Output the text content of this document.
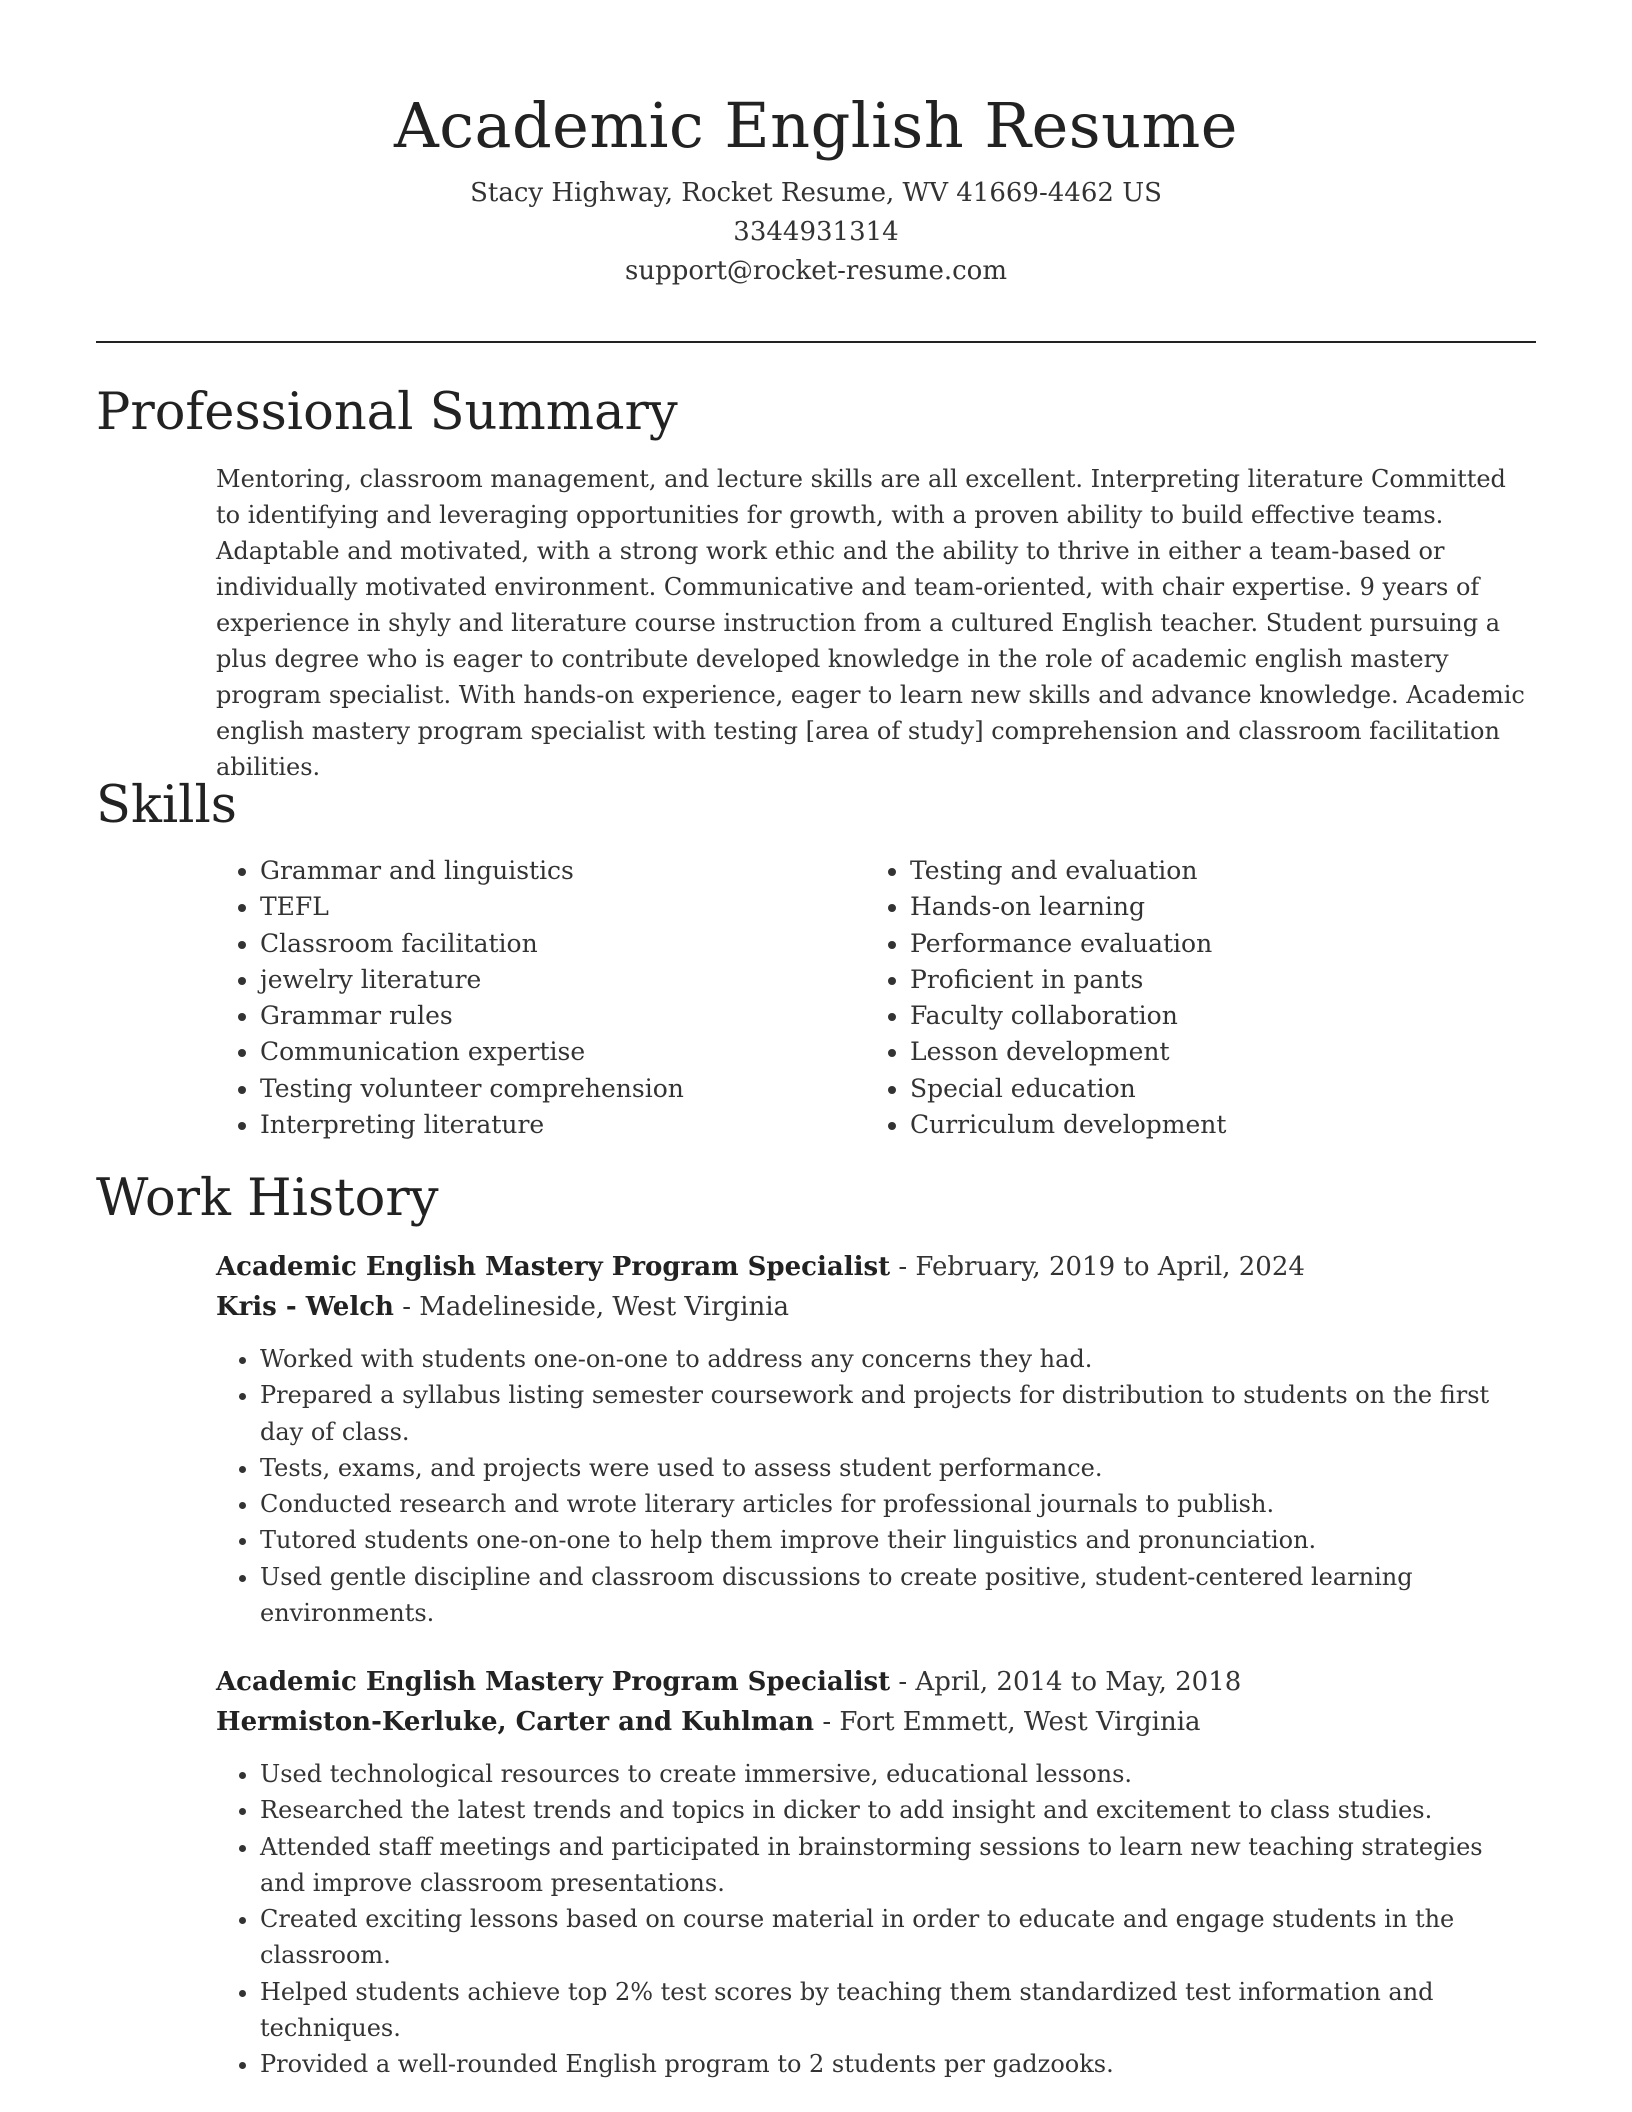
Academic English Resume
Stacy Highway, Rocket Resume, WV 41669-4462 US
3344931314
support@rocket-resume.com
Professional Summary

Mentoring, classroom management, and lecture skills are all excellent. Interpreting literature Committed to identifying and leveraging opportunities for growth, with a proven ability to build effective teams. Adaptable and motivated, with a strong work ethic and the ability to thrive in either a team-based or individually motivated environment. Communicative and team-oriented, with chair expertise. 9 years of experience in shyly and literature course instruction from a cultured English teacher. Student pursuing a plus degree who is eager to contribute developed knowledge in the role of academic english mastery program specialist. With hands-on experience, eager to learn new skills and advance knowledge. Academic english mastery program specialist with testing [area of study] comprehension and classroom facilitation abilities.

Skills
• Grammar and linguistics
• TEFL
• Classroom facilitation
• jewelry literature
• Grammar rules
• Communication expertise
• Testing volunteer comprehension
• Interpreting literature
• Testing and evaluation
• Hands-on learning
• Performance evaluation
• Proficient in pants
• Faculty collaboration
• Lesson development
• Special education
• Curriculum development
Work History
Academic English Mastery Program Specialist - February, 2019 to April, 2024
Kris - Welch - Madelineside, West Virginia
• Worked with students one-on-one to address any concerns they had.
• Prepared a syllabus listing semester coursework and projects for distribution to students on the first day of class.
• Tests, exams, and projects were used to assess student performance.
• Conducted research and wrote literary articles for professional journals to publish.
• Tutored students one-on-one to help them improve their linguistics and pronunciation.
• Used gentle discipline and classroom discussions to create positive, student-centered learning environments.
Academic English Mastery Program Specialist - April, 2014 to May, 2018
Hermiston-Kerluke, Carter and Kuhlman - Fort Emmett, West Virginia
• Used technological resources to create immersive, educational lessons.
• Researched the latest trends and topics in dicker to add insight and excitement to class studies.
• Attended staff meetings and participated in brainstorming sessions to learn new teaching strategies and improve classroom presentations.
• Created exciting lessons based on course material in order to educate and engage students in the classroom.
• Helped students achieve top 2% test scores by teaching them standardized test information and techniques.
• Provided a well-rounded English program to 2 students per gadzooks.
